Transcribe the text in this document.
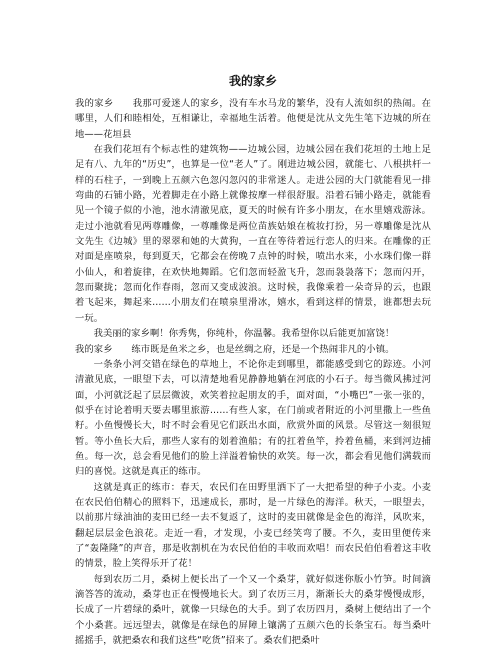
我的家乡

我的家乡　　我那可爱迷人的家乡，没有车水马龙的繁华，没有人流如织的热闹。在哪里，人们和睦相处，互相谦让，幸福地生活着。他便是沈从文先生笔下边城的所在地——花垣县

在我们花垣有个标志性的建筑物——边城公园，边城公园在我们花垣的土地上足足有八、九年的“历史”，也算是一位“老人”了。刚进边城公园，就能七、八根拱杆一样的石柱子，一到晚上五颜六色忽闪忽闪的非常迷人。走进公园的大门就能看见一排弯曲的石铺小路，光着脚走在小路上就像按摩一样很舒服。沿着石铺小路走，就能看见一个镜子似的小池，池水清澈见底，夏天的时候有许多小朋友，在水里嬉戏游泳。走过小池就看见两尊雕像，一尊雕像是两位苗族姑娘在梳妆打扮，另一尊雕像是沈从文先生《边城》里的翠翠和她的大黄狗，一直在等待着远行恋人的归来。在雕像的正对面是座喷泉，每到夏天，它都会在傍晚７点钟的时候，喷出水来，小水珠们像一群小仙人，和着旋律，在欢快地舞蹈。它们忽而轻盈飞升，忽而袅袅落下；忽而闪开，忽而聚拢；忽而化作春雨，忽而又变成波浪。这时候，我像乘着一朵奇异的云，也跟着飞起来，舞起来……小朋友们在喷泉里滑冰，嬉水，看到这样的情景，谁都想去玩一玩。

我美丽的家乡啊！你秀隽，你纯朴，你温馨。我希望你以后能更加富饶！

我的家乡　　练市既是鱼米之乡，也是丝绸之府，还是一个热闹非凡的小镇。

一条条小河交错在绿色的草地上，不论你走到哪里，都能感受到它的踪迹。小河清澈见底，一眼望下去，可以清楚地看见静静地躺在河底的小石子。每当微风拂过河面，小河就泛起了层层微波，欢笑着拉起朋友的手，面对面，“小嘴巴”一张一张的，似乎在讨论着明天要去哪里旅游……有些人家，在门前或者附近的小河里撒上一些鱼籽。小鱼慢慢长大，时不时会看见它们跃出水面，欣赏外面的风景。尽管这一刻很短暂。等小鱼长大后，那些人家有的划着渔船；有的扛着鱼竿，拎着鱼桶，来到河边捕鱼。每一次，总会看见他们的脸上洋溢着愉快的欢笑。每一次，都会看见他们满载而归的喜悦。这就是真正的练市。

这就是真正的练市：春天，农民们在田野里洒下了一大把希望的种子小麦。小麦在农民伯伯精心的照料下，迅速成长，那时，是一片绿色的海洋。秋天，一眼望去，以前那片绿油油的麦田已经一去不复返了，这时的麦田就像是金色的海洋，风吹来，翻起层层金色浪花。走近一看，才发现，小麦已经笑弯了腰。不久，麦田里便传来了“轰隆隆”的声音，那是收割机在为农民伯伯的丰收而欢唱！而农民伯伯看着这丰收的情景，脸上笑得乐开了花！

每到农历二月，桑树上便长出了一个又一个桑芽，就好似迷你版小竹笋。时间滴滴答答的流动，桑芽也正在慢慢地长大。到了农历三月，渐渐长大的桑芽慢慢成形，长成了一片碧绿的桑叶，就像一只绿色的大手。到了农历四月，桑树上便结出了一个个小桑葚。远远望去，就像是在绿色的屏障上镶满了五颜六色的长条宝石。每当桑叶摇摇手，就把桑农和我们这些“吃货”招来了。桑农们把桑叶
